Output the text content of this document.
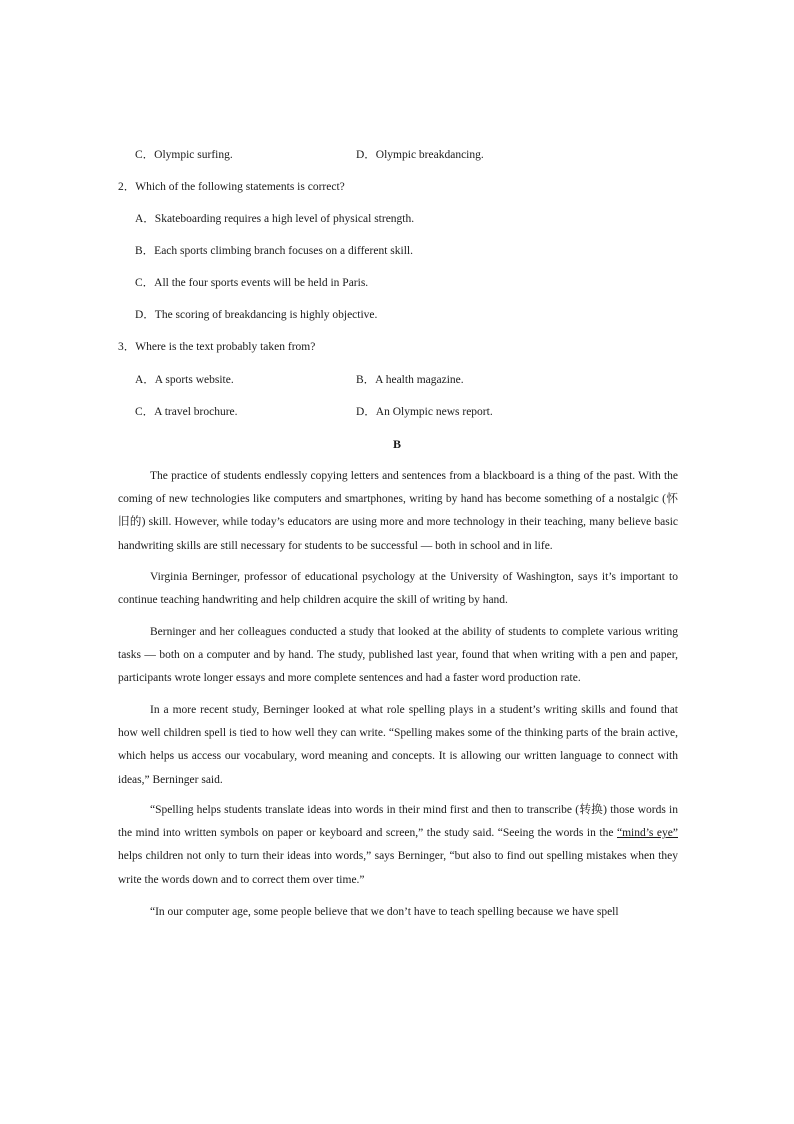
C．Olympic surfing.	D．Olympic breakdancing.
2．Which of the following statements is correct?
A．Skateboarding requires a high level of physical strength.
B．Each sports climbing branch focuses on a different skill.
C．All the four sports events will be held in Paris.
D．The scoring of breakdancing is highly objective.
3．Where is the text probably taken from?
A．A sports website.	B．A health magazine.
C．A travel brochure.	D．An Olympic news report.
B

The practice of students endlessly copying letters and sentences from a blackboard is a thing of the past. With the coming of new technologies like computers and smartphones, writing by hand has become something of a nostalgic (怀旧的) skill. However, while today’s educators are using more and more technology in their teaching, many believe basic handwriting skills are still necessary for students to be successful — both in school and in life.

Virginia Berninger, professor of educational psychology at the University of Washington, says it’s important to continue teaching handwriting and help children acquire the skill of writing by hand.

Berninger and her colleagues conducted a study that looked at the ability of students to complete various writing tasks — both on a computer and by hand. The study, published last year, found that when writing with a pen and paper, participants wrote longer essays and more complete sentences and had a faster word production rate.

In a more recent study, Berninger looked at what role spelling plays in a student’s writing skills and found that how well children spell is tied to how well they can write. “Spelling makes some of the thinking parts of the brain active, which helps us access our vocabulary, word meaning and concepts. It is allowing our written language to connect with ideas,” Berninger said.

“Spelling helps students translate ideas into words in their mind first and then to transcribe (转换) those words in the mind into written symbols on paper or keyboard and screen,” the study said. “Seeing the words in the “mind’s eye” helps children not only to turn their ideas into words,” says Berninger, “but also to find out spelling mistakes when they write the words down and to correct them over time.”

“In our computer age, some people believe that we don’t have to teach spelling because we have spell
